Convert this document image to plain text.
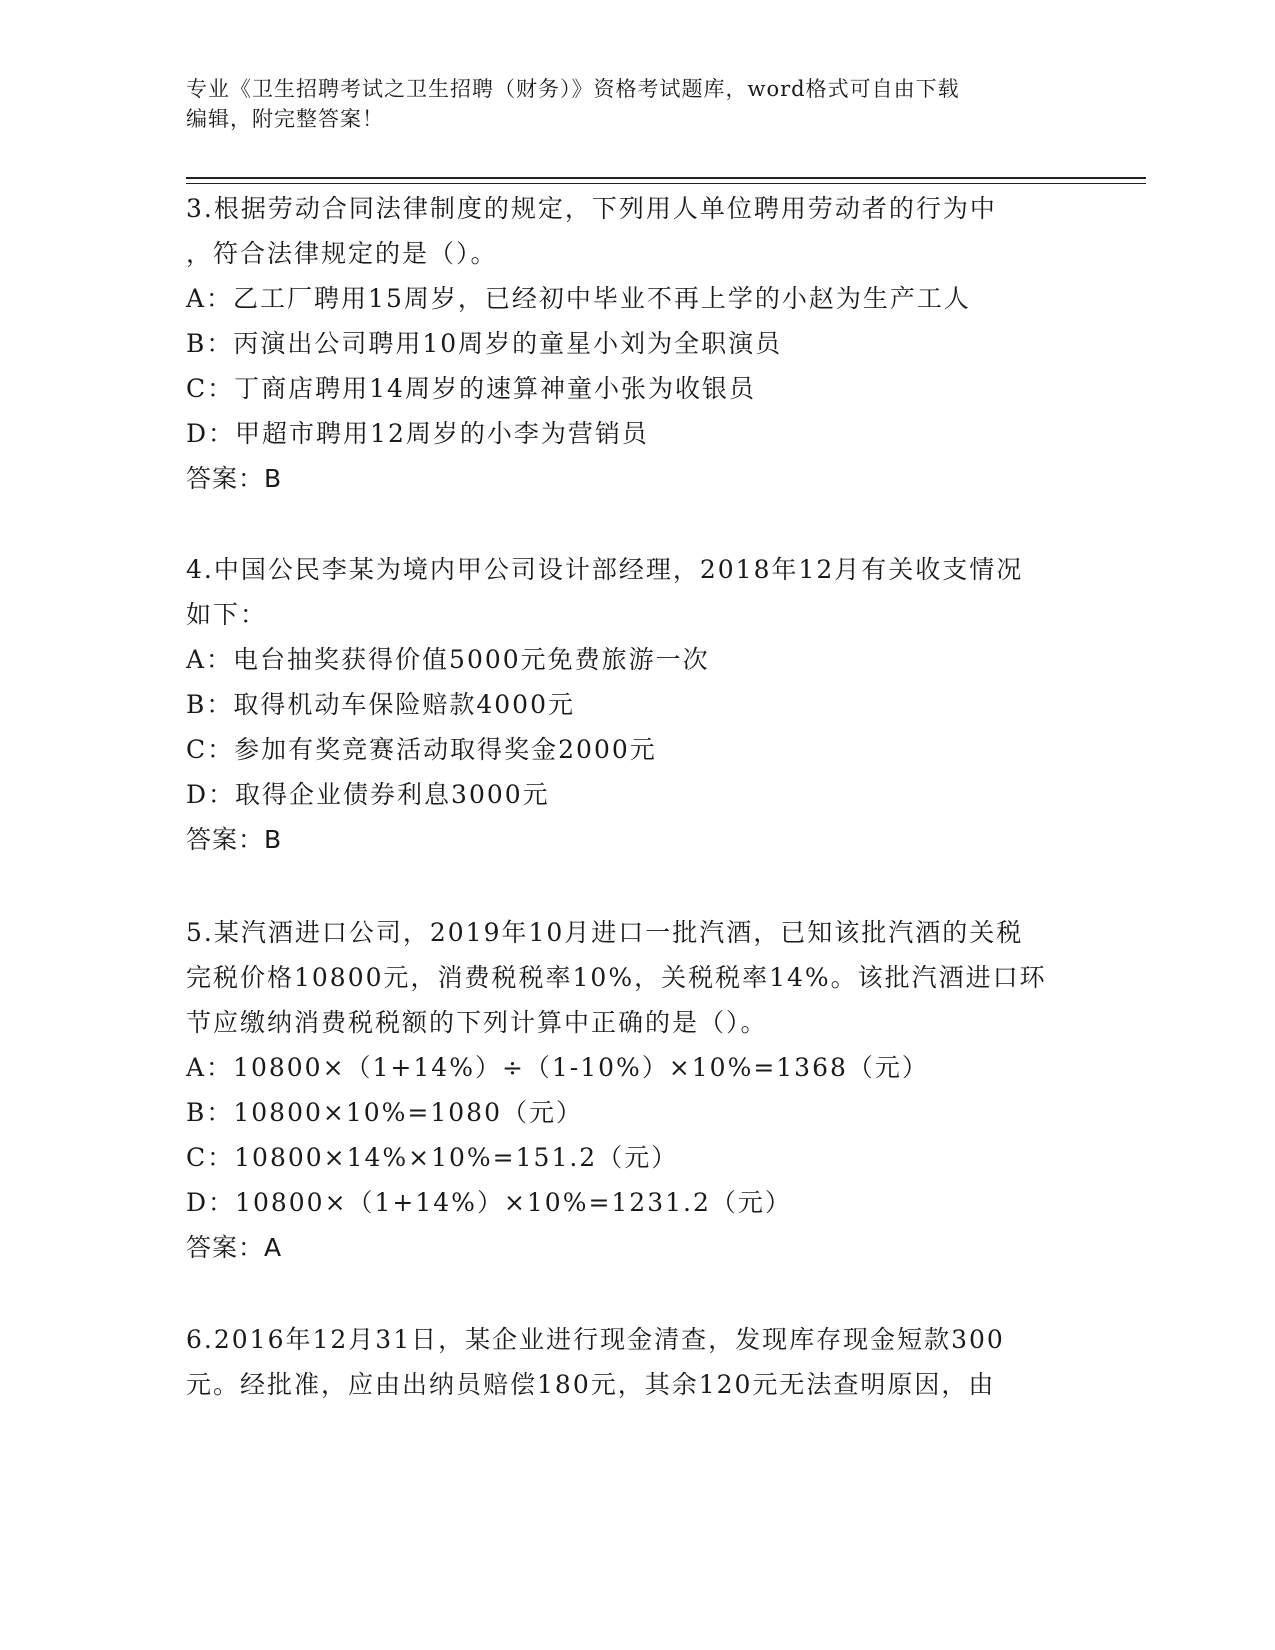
专业《卫生招聘考试之卫生招聘（财务）》资格考试题库，word格式可自由下载
编辑，附完整答案！
3.根据劳动合同法律制度的规定，下列用人单位聘用劳动者的行为中
，符合法律规定的是（）。
A：乙工厂聘用15周岁，已经初中毕业不再上学的小赵为生产工人
B：丙演出公司聘用10周岁的童星小刘为全职演员
C：丁商店聘用14周岁的速算神童小张为收银员
D：甲超市聘用12周岁的小李为营销员
答案：B
4.中国公民李某为境内甲公司设计部经理，2018年12月有关收支情况
如下：
A：电台抽奖获得价值5000元免费旅游一次
B：取得机动车保险赔款4000元
C：参加有奖竞赛活动取得奖金2000元
D：取得企业债券利息3000元
答案：B
5.某汽酒进口公司，2019年10月进口一批汽酒，已知该批汽酒的关税
完税价格10800元，消费税税率10%，关税税率14%。该批汽酒进口环
节应缴纳消费税税额的下列计算中正确的是（）。
A：10800×（1+14%）÷（1-10%）×10%=1368（元）
B：10800×10%=1080（元）
C：10800×14%×10%=151.2（元）
D：10800×（1+14%）×10%=1231.2（元）
答案：A
6.2016年12月31日，某企业进行现金清查，发现库存现金短款300
元。经批准，应由出纳员赔偿180元，其余120元无法查明原因，由
